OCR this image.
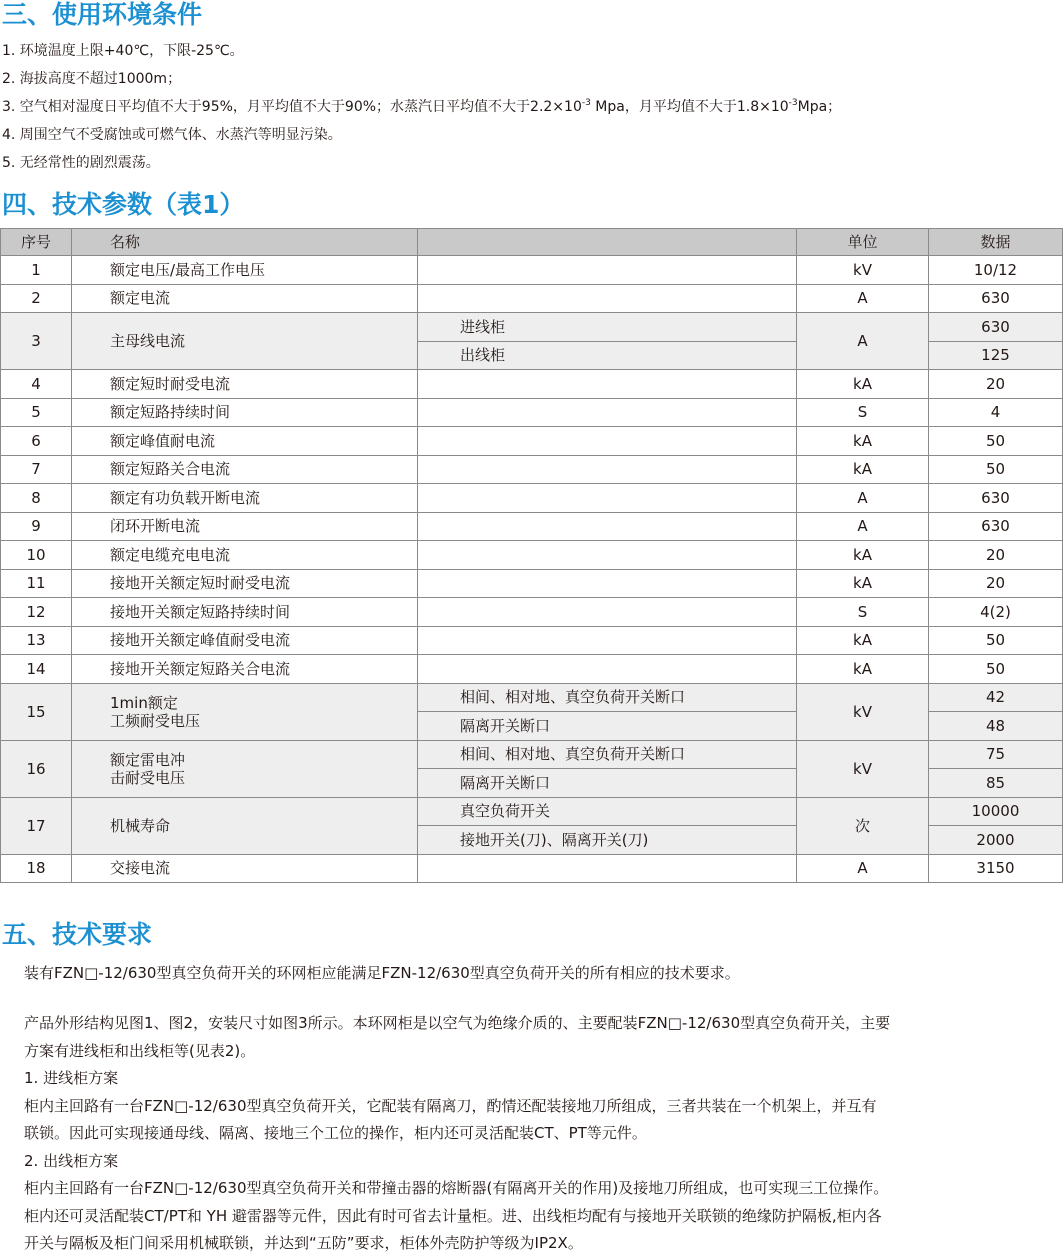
三、使用环境条件
1. 环境温度上限+40℃，下限-25℃。
2. 海拔高度不超过1000m；
3. 空气相对湿度日平均值不大于95%，月平均值不大于90%；水蒸汽日平均值不大于$2.2\times 10^{-3}$ Mpa，月平均值不大于$1.8\times 10^{-3}Mpa$；
4. 周围空气不受腐蚀或可燃气体、水蒸汽等明显污染。
5. 无经常性的剧烈震荡。
四、技术参数（表1）
序号	名称		单位	数据
1	额定电压/最高工作电压		kV	10/12
2	额定电流		A	630
3	主母线电流	进线柜	A	630
		出线柜		125
4	额定短时耐受电流		kA	20
5	额定短路持续时间		S	4
6	额定峰值耐电流		kA	50
7	额定短路关合电流		kA	50
8	额定有功负载开断电流		A	630
9	闭环开断电流		A	630
10	额定电缆充电电流		kA	20
11	接地开关额定短时耐受电流		kA	20
12	接地开关额定短路持续时间		S	4(2)
13	接地开关额定峰值耐受电流		kA	50
14	接地开关额定短路关合电流		kA	50
15	1min额定
工频耐受电压	相间、相对地、真空负荷开关断口	kV	42
		隔离开关断口		48
16	额定雷电冲
击耐受电压	相间、相对地、真空负荷开关断口	kV	75
		隔离开关断口		85
17	机械寿命	真空负荷开关	次	10000
		接地开关(刀)、隔离开关(刀)		2000
18	交接电流		A	3150
五、技术要求

装有FZN□-12/630型真空负荷开关的环网柜应能满足FZN-12/630型真空负荷开关的所有相应的技术要求。

产品外形结构见图1、图2，安装尺寸如图3所示。本环网柜是以空气为绝缘介质的、主要配装FZN□-12/630型真空负荷开关，主要
方案有进线柜和出线柜等(见表2)。
1. 进线柜方案
柜内主回路有一台FZN□-12/630型真空负荷开关，它配装有隔离刀，酌情还配装接地刀所组成，三者共装在一个机架上，并互有
联锁。因此可实现接通母线、隔离、接地三个工位的操作，柜内还可灵活配装CT、PT等元件。
2. 出线柜方案
柜内主回路有一台FZN□-12/630型真空负荷开关和带撞击器的熔断器(有隔离开关的作用)及接地刀所组成，也可实现三工位操作。
柜内还可灵活配装CT/PT和 YH 避雷器等元件，因此有时可省去计量柜。进、出线柜均配有与接地开关联锁的绝缘防护隔板,柜内各
开关与隔板及柜门间采用机械联锁，并达到“五防”要求，柜体外壳防护等级为IP2X。
